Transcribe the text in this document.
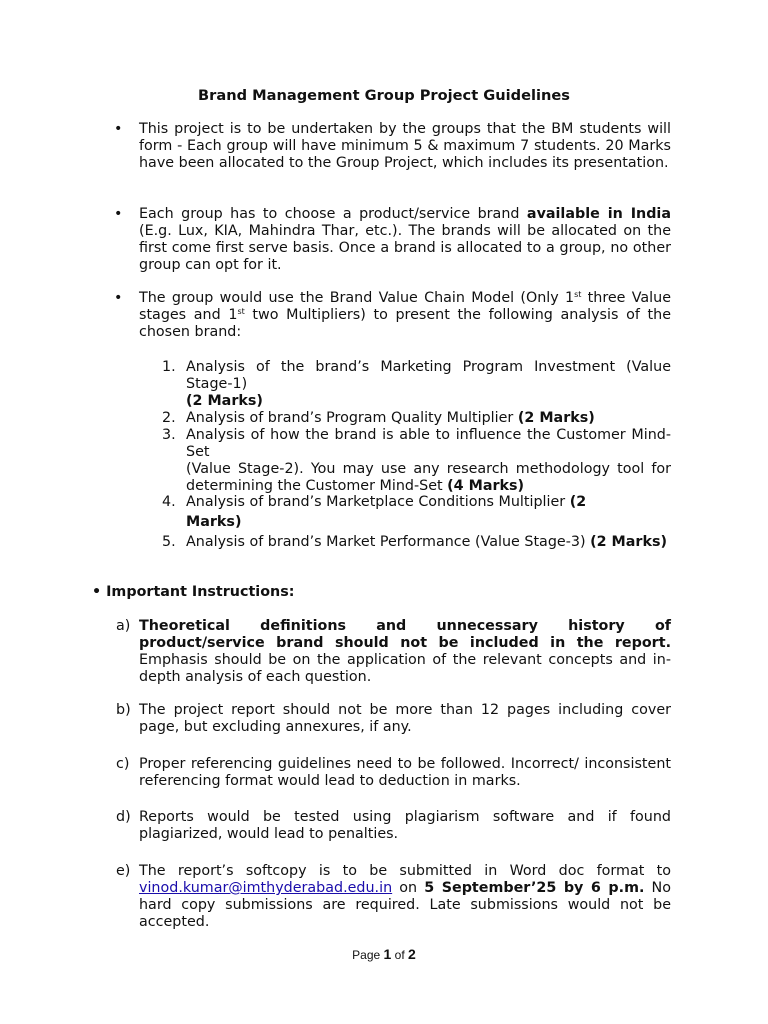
Brand Management Group Project Guidelines
• This project is to be undertaken by the groups that the BM students will form - Each group will have minimum 5 & maximum 7 students. 20 Marks have been allocated to the Group Project, which includes its presentation.
• Each group has to choose a product/service brand available in India (E.g. Lux, KIA, Mahindra Thar, etc.). The brands will be allocated on the first come first serve basis. Once a brand is allocated to a group, no other group can opt for it.
• The group would use the Brand Value Chain Model (Only 1st three Value stages and 1st two Multipliers) to present the following analysis of the chosen brand:
1. Analysis of the brand’s Marketing Program Investment (Value Stage-1)
(2 Marks)
2. Analysis of brand’s Program Quality Multiplier (2 Marks)
3. Analysis of how the brand is able to influence the Customer Mind-Set
(Value Stage-2). You may use any research methodology tool for determining the Customer Mind-Set (4 Marks)
4. Analysis of brand’s Marketplace Conditions Multiplier (2
Marks)
5. Analysis of brand’s Market Performance (Value Stage-3) (2 Marks)
• Important Instructions:
a) Theoretical definitions and unnecessary history of product/service brand should not be included in the report. Emphasis should be on the application of the relevant concepts and in-depth analysis of each question.
b) The project report should not be more than 12 pages including cover page, but excluding annexures, if any.
c) Proper referencing guidelines need to be followed. Incorrect/ inconsistent referencing format would lead to deduction in marks.
d) Reports would be tested using plagiarism software and if found plagiarized, would lead to penalties.
e) The report’s softcopy is to be submitted in Word doc format to vinod.kumar@imthyderabad.edu.in on 5 September’25 by 6 p.m. No hard copy submissions are required. Late submissions would not be accepted.
Page 1 of 2
